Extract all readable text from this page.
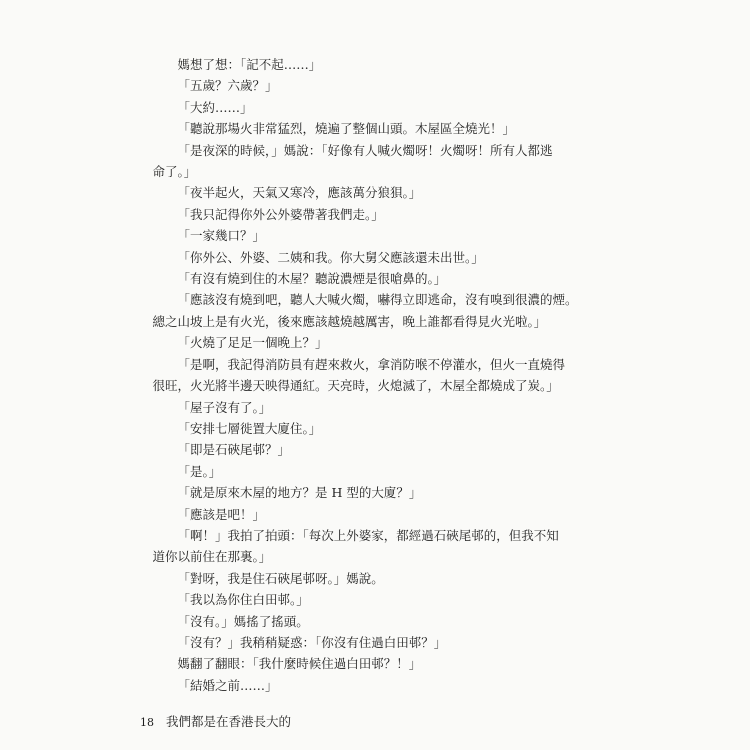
媽想了想：「記不起……」

「五歲？六歲？」

「大約……」

「聽說那場火非常猛烈，燒遍了整個山頭。木屋區全燒光！」

「是夜深的時候，」媽說：「好像有人喊火燭呀！火燭呀！所有人都逃
命了。」

「夜半起火，天氣又寒冷，應該萬分狼狽。」

「我只記得你外公外婆帶著我們走。」

「一家幾口？」

「你外公、外婆、二姨和我。你大舅父應該還未出世。」

「有沒有燒到住的木屋？聽說濃煙是很嗆鼻的。」

「應該沒有燒到吧，聽人大喊火燭，嚇得立即逃命，沒有嗅到很濃的煙。
總之山坡上是有火光，後來應該越燒越厲害，晚上誰都看得見火光啦。」

「火燒了足足一個晚上？」

「是啊，我記得消防員有趕來救火，拿消防喉不停灌水，但火一直燒得
很旺，火光將半邊天映得通紅。天亮時，火熄滅了，木屋全都燒成了炭。」

「屋子沒有了。」

「安排七層徙置大廈住。」

「即是石硤尾邨？」

「是。」

「就是原來木屋的地方？是 H 型的大廈？」

「應該是吧！」

「啊！」我拍了拍頭：「每次上外婆家，都經過石硤尾邨的，但我不知
道你以前住在那裏。」

「對呀，我是住石硤尾邨呀。」媽說。

「我以為你住白田邨。」

「沒有。」媽搖了搖頭。

「沒有？」我稍稍疑惑：「你沒有住過白田邨？」

媽翻了翻眼：「我什麼時候住過白田邨？！」

「結婚之前……」

18 我們都是在香港長大的
